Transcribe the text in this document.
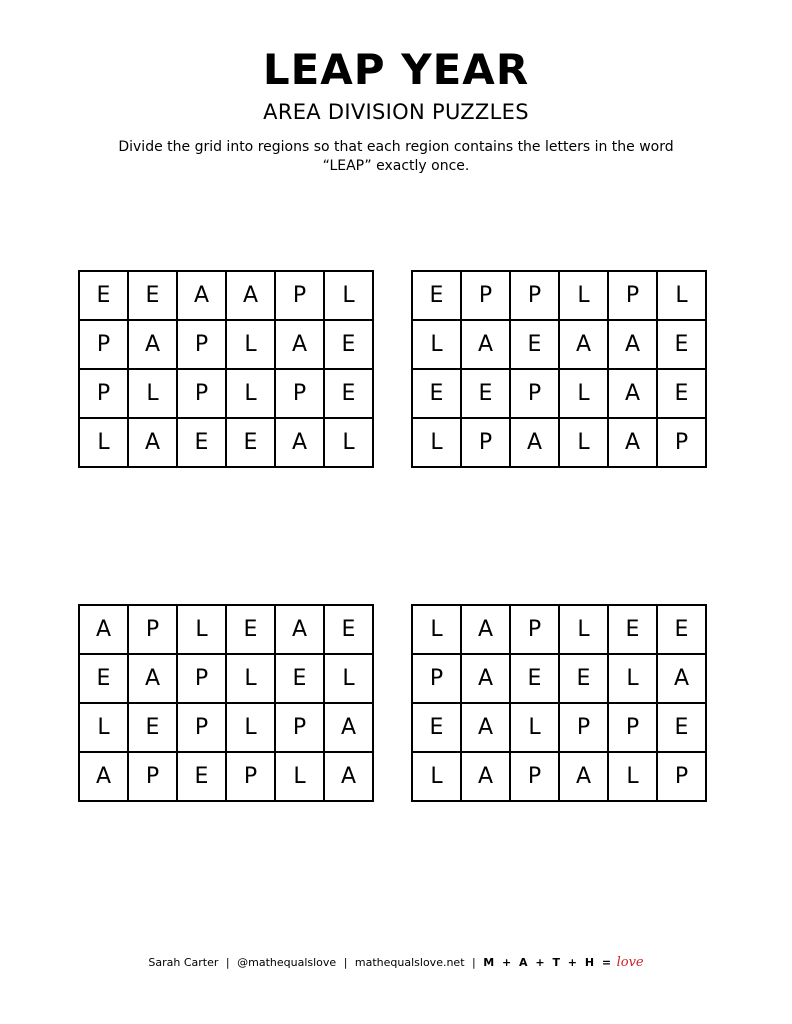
LEAP YEAR
AREA DIVISION PUZZLES
Divide the grid into regions so that each region contains the letters in the word “LEAP” exactly once.
E	E	A	A	P	L
P	A	P	L	A	E
P	L	P	L	P	E
L	A	E	E	A	L
E	P	P	L	P	L
L	A	E	A	A	E
E	E	P	L	A	E
L	P	A	L	A	P
A	P	L	E	A	E
E	A	P	L	E	L
L	E	P	L	P	A
A	P	E	P	L	A
L	A	P	L	E	E
P	A	E	E	L	A
E	A	L	P	P	E
L	A	P	A	L	P
Sarah Carter | @mathequalslove | mathequalslove.net | M + A + T + H = love
